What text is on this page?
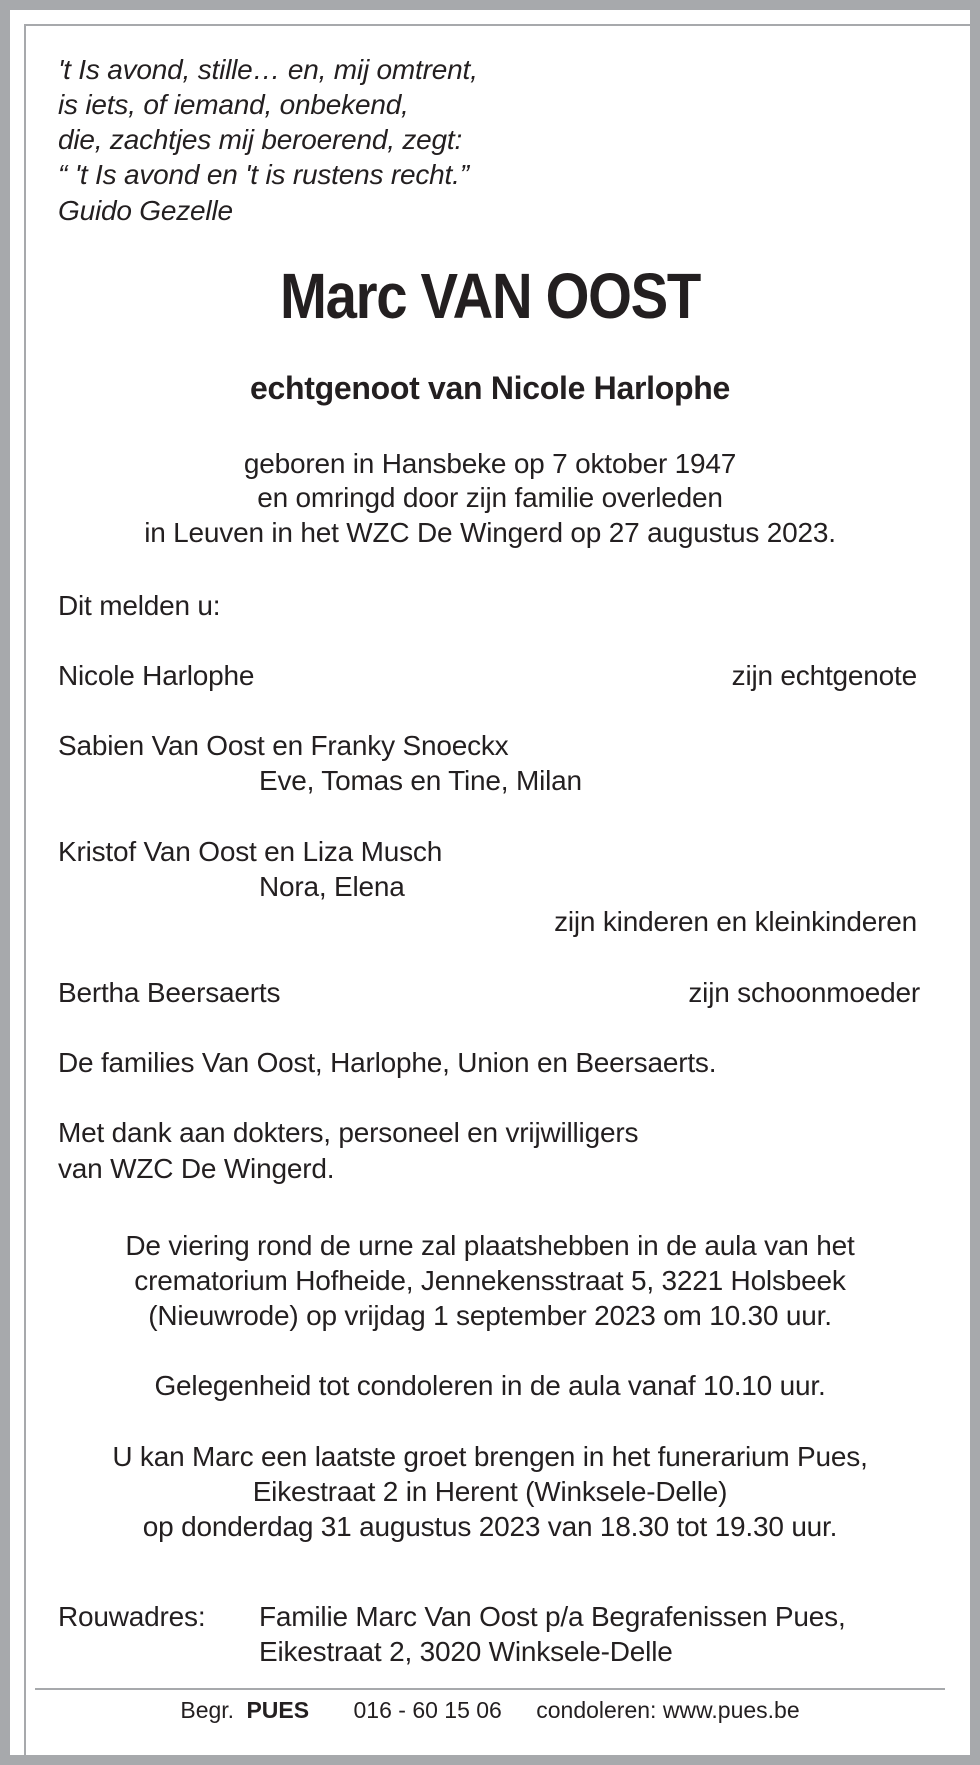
't Is avond, stille… en, mij omtrent,
is iets, of iemand, onbekend,
die, zachtjes mij beroerend, zegt:
“ 't Is avond en 't is rustens recht.”
Guido Gezelle
Marc VAN OOST
echtgenoot van Nicole Harlophe
geboren in Hansbeke op 7 oktober 1947
en omringd door zijn familie overleden
in Leuven in het WZC De Wingerd op 27 augustus 2023.
Dit melden u:
Nicole Harlophe	zijn echtgenote
Sabien Van Oost en Franky Snoeckx
Eve, Tomas en Tine, Milan
Kristof Van Oost en Liza Musch
Nora, Elena
zijn kinderen en kleinkinderen
Bertha Beersaerts	zijn schoonmoeder
De families Van Oost, Harlophe, Union en Beersaerts.
Met dank aan dokters, personeel en vrijwilligers
van WZC De Wingerd.
De viering rond de urne zal plaatshebben in de aula van het
crematorium Hofheide, Jennekensstraat 5, 3221 Holsbeek
(Nieuwrode) op vrijdag 1 september 2023 om 10.30 uur.
Gelegenheid tot condoleren in de aula vanaf 10.10 uur.
U kan Marc een laatste groet brengen in het funerarium Pues,
Eikestraat 2 in Herent (Winksele-Delle)
op donderdag 31 augustus 2023 van 18.30 tot 19.30 uur.
Rouwadres: Familie Marc Van Oost p/a Begrafenissen Pues,
Eikestraat 2, 3020 Winksele-Delle
Begr. PUES 016 - 60 15 06 condoleren: www.pues.be
